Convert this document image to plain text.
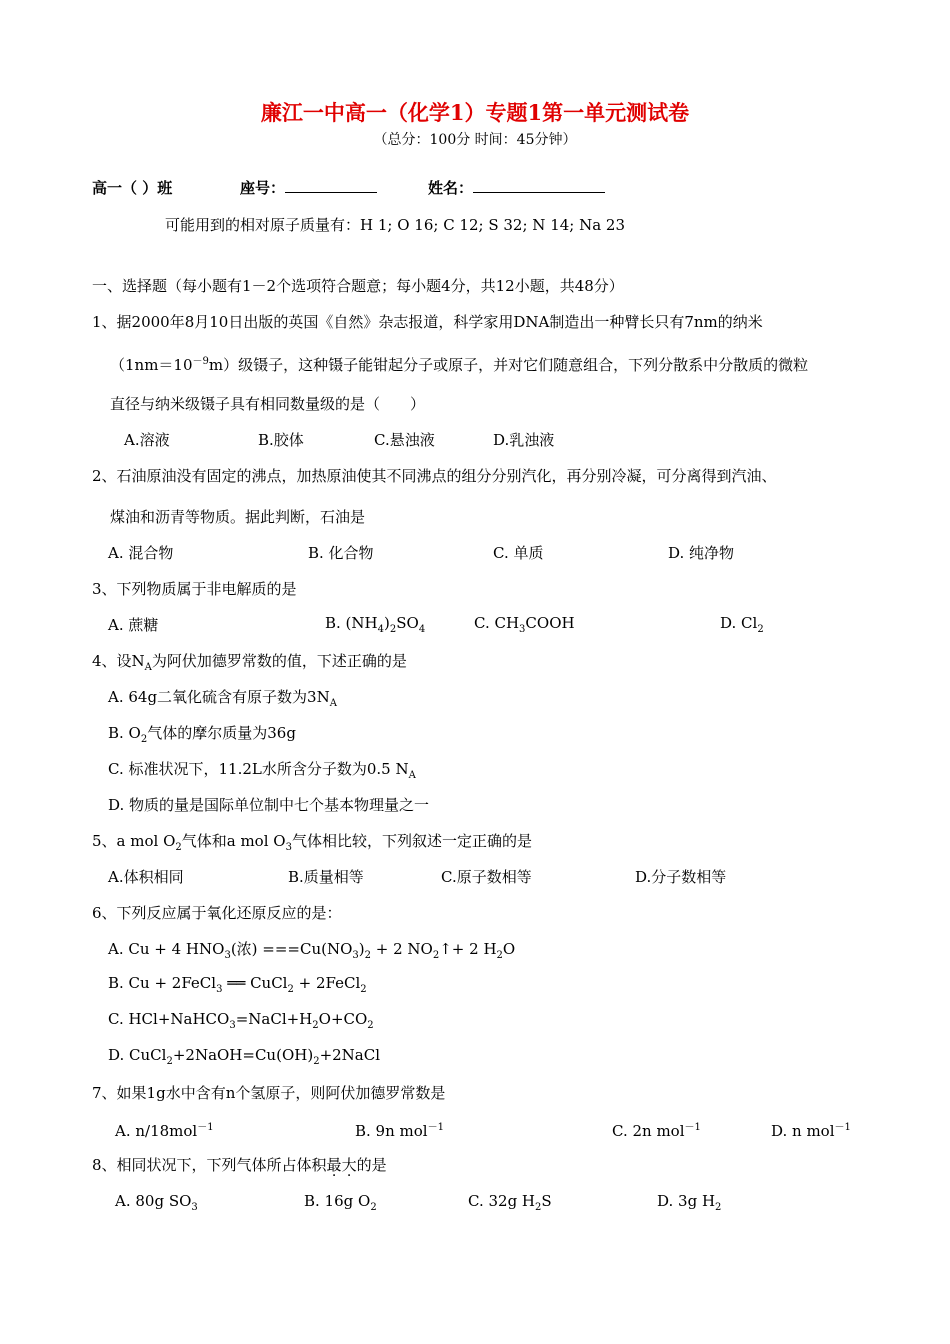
廉江一中高一（化学1）专题1第一单元测试卷
（总分：100分 时间：45分钟）
高一（ ）班	座号：	姓名：
可能用到的相对原子质量有：H 1; O 16; C 12; S 32; N 14; Na 23
一、选择题（每小题有1－2个选项符合题意；每小题4分，共12小题，共48分）
1、据2000年8月10日出版的英国《自然》杂志报道，科学家用DNA制造出一种臂长只有7nm的纳米
$(1nm=10^{-9}m)$级镊子，这种镊子能钳起分子或原子，并对它们随意组合，下列分散系中分散质的微粒
直径与纳米级镊子具有相同数量级的是（　　）
A.溶液	B.胶体	C.悬浊液	D.乳浊液
2、石油原油没有固定的沸点，加热原油使其不同沸点的组分分别汽化，再分别冷凝，可分离得到汽油、
煤油和沥青等物质。据此判断，石油是
A. 混合物	B. 化合物	C. 单质	D. 纯净物
3、下列物质属于非电解质的是
A. 蔗糖	B. $(NH_4)_2SO_4$	C. $CH_3COOH$	D. $Cl_2$
4、设$N_A$为阿伏加德罗常数的值，下述正确的是
A. 64g二氧化硫含有原子数为$3N_A$
B. $O_2$气体的摩尔质量为36g
C. 标准状况下，11.2L水所含分子数为0.5 $N_A$
D. 物质的量是国际单位制中七个基本物理量之一
5、a mol $O_2$气体和a mol $O_3$气体相比较，下列叙述一定正确的是
A.体积相同	B.质量相等	C.原子数相等	D.分子数相等
6、下列反应属于氧化还原反应的是：
A. Cu + 4 $HNO_3$(浓) $===Cu(NO_3)_2 + 2$ $NO_2↑+ 2$ $H_2O$
B. Cu + 2FeCl$_3$ ══ CuCl$_2$ + 2FeCl$_2$
C. $HCl+NaHCO_3=NaCl+H_2O+CO_2$
D. $CuCl_2+2NaOH=Cu(OH)_2+2NaCl$
7、如果1g水中含有n个氢原子，则阿伏加德罗常数是
A. n/18mol$^{-1}$	B. 9n mol$^{-1}$	C. 2n mol$^{-1}$	D. n mol$^{-1}$
8、相同状况下，下列气体所占体积最大的是
A. 80g $SO_3$	B. 16g $O_2$	C. 32g $H_2S$	D. 3g $H_2$
